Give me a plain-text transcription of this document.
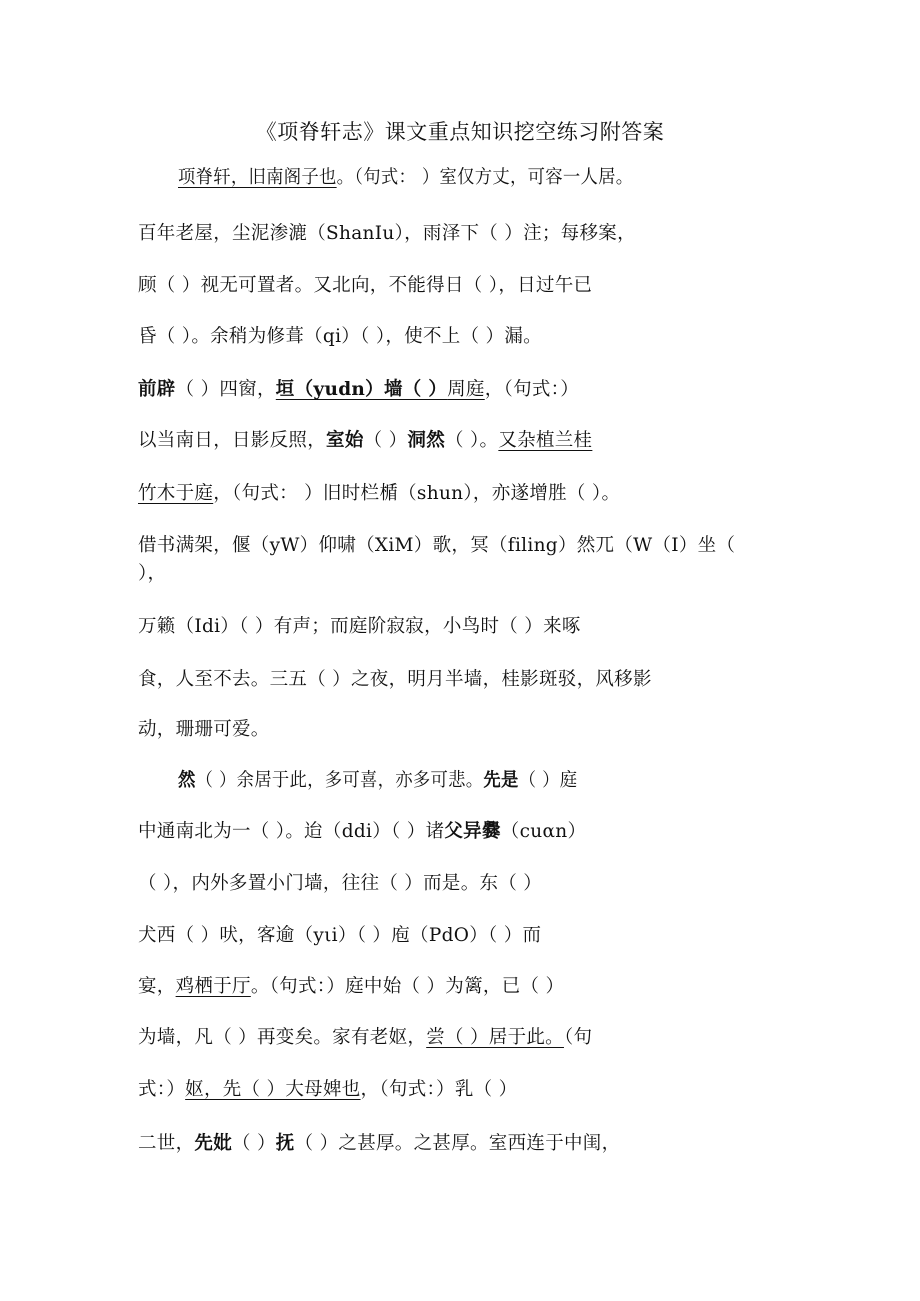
《项脊轩志》课文重点知识挖空练习附答案
项脊轩，旧南阁子也。（句式： ）室仅方丈，可容一人居。
百年老屋，尘泥渗漉（ShanIu），雨泽下（ ）注；每移案，
顾（ ）视无可置者。又北向，不能得日（ ），日过午已
昏（ ）。余稍为修葺（qi）（ ），使不上（ ）漏。
前辟（ ）四窗，垣（yudn）墙（ ）周庭，（句式：）
以当南日，日影反照，室始（ ）洞然（ ）。又杂植兰桂
竹木于庭，（句式： ）旧时栏楯（shun），亦遂增胜（ ）。
借书满架，偃（yW）仰啸（XiM）歌，冥（filing）然兀（W（I）坐（
），
万籁（Idi）（ ）有声；而庭阶寂寂，小鸟时（ ）来啄
食，人至不去。三五（ ）之夜，明月半墙，桂影斑驳，风移影
动，珊珊可爱。
然（ ）余居于此，多可喜，亦多可悲。先是（ ）庭
中通南北为一（ ）。迨（ddi）（ ）诸父异爨（cuαn）
（ ），内外多置小门墙，往往（ ）而是。东（ ）
犬西（ ）吠，客逾（yιi）（ ）庖（PdO）（ ）而
宴，鸡栖于厅。（句式：）庭中始（ ）为篱，已（ ）
为墙，凡（ ）再变矣。家有老妪，尝（ ）居于此。（句
式：）妪，先（ ）大母婢也，（句式：）乳（ ）
二世，先妣（ ）抚（ ）之甚厚。之甚厚。室西连于中闺，
